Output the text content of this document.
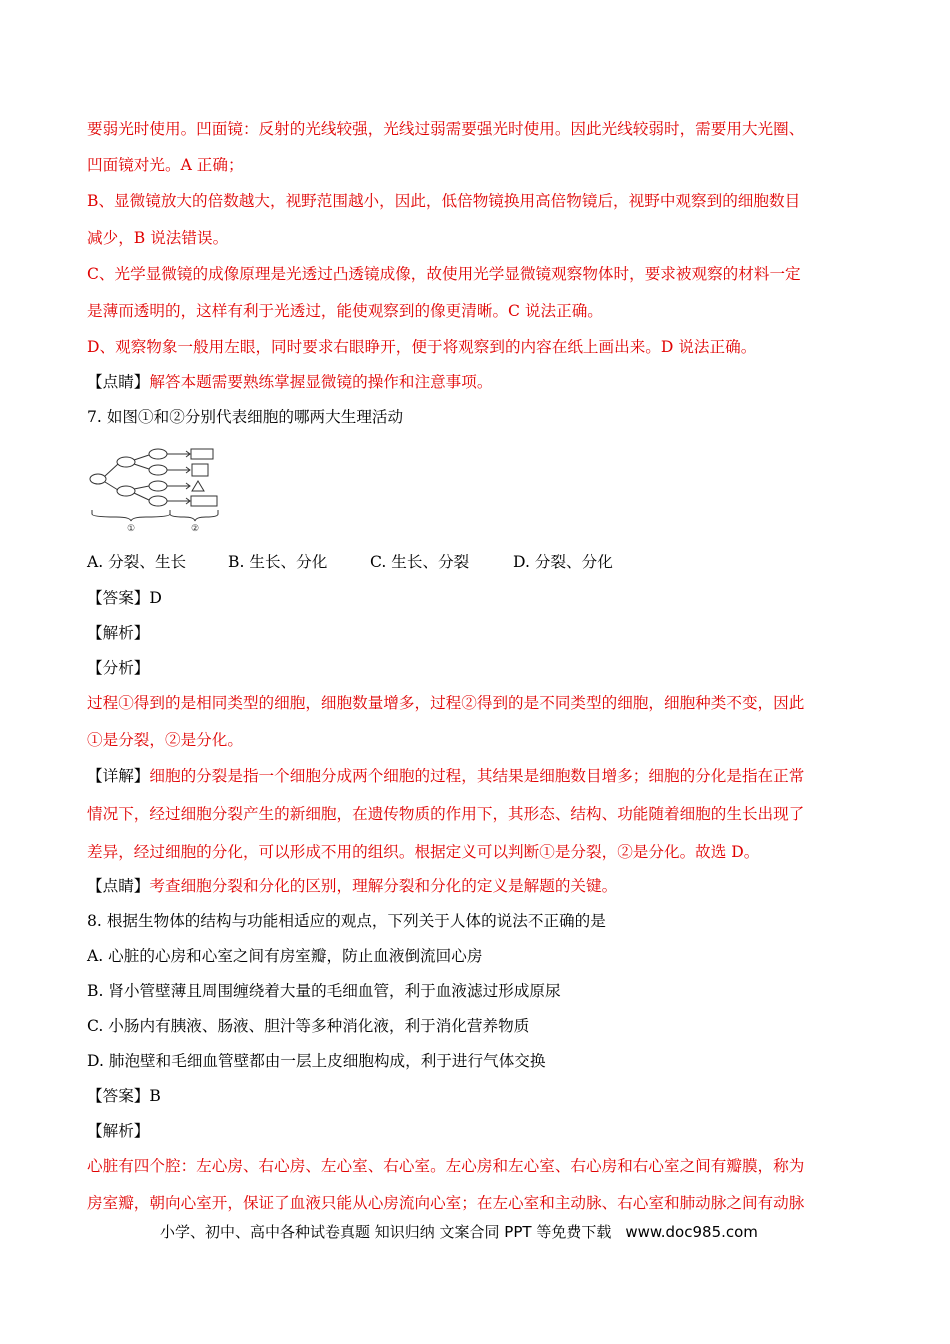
要弱光时使用。凹面镜：反射的光线较强，光线过弱需要强光时使用。因此光线较弱时，需要用大光圈、
凹面镜对光。A 正确；
B、显微镜放大的倍数越大，视野范围越小，因此，低倍物镜换用高倍物镜后，视野中观察到的细胞数目
减少，B 说法错误。
C、光学显微镜的成像原理是光透过凸透镜成像，故使用光学显微镜观察物体时，要求被观察的材料一定
是薄而透明的，这样有利于光透过，能使观察到的像更清晰。C 说法正确。
D、观察物象一般用左眼，同时要求右眼睁开，便于将观察到的内容在纸上画出来。D 说法正确。
【点睛】解答本题需要熟练掌握显微镜的操作和注意事项。
7. 如图①和②分别代表细胞的哪两大生理活动
①	②
A. 分裂、生长	B. 生长、分化	C. 生长、分裂	D. 分裂、分化
【答案】D
【解析】
【分析】
过程①得到的是相同类型的细胞，细胞数量增多，过程②得到的是不同类型的细胞，细胞种类不变，因此
①是分裂，②是分化。
【详解】细胞的分裂是指一个细胞分成两个细胞的过程，其结果是细胞数目增多；细胞的分化是指在正常
情况下，经过细胞分裂产生的新细胞，在遗传物质的作用下，其形态、结构、功能随着细胞的生长出现了
差异，经过细胞的分化，可以形成不用的组织。根据定义可以判断①是分裂，②是分化。故选 D。
【点睛】考查细胞分裂和分化的区别，理解分裂和分化的定义是解题的关键。
8. 根据生物体的结构与功能相适应的观点，下列关于人体的说法不正确的是
A. 心脏的心房和心室之间有房室瓣，防止血液倒流回心房
B. 肾小管壁薄且周围缠绕着大量的毛细血管，利于血液滤过形成原尿
C. 小肠内有胰液、肠液、胆汁等多种消化液，利于消化营养物质
D. 肺泡壁和毛细血管壁都由一层上皮细胞构成，利于进行气体交换
【答案】B
【解析】
心脏有四个腔：左心房、右心房、左心室、右心室。左心房和左心室、右心房和右心室之间有瓣膜，称为
房室瓣，朝向心室开，保证了血液只能从心房流向心室；在左心室和主动脉、右心室和肺动脉之间有动脉
小学、初中、高中各种试卷真题 知识归纳 文案合同 PPT 等免费下载 www.doc985.com
